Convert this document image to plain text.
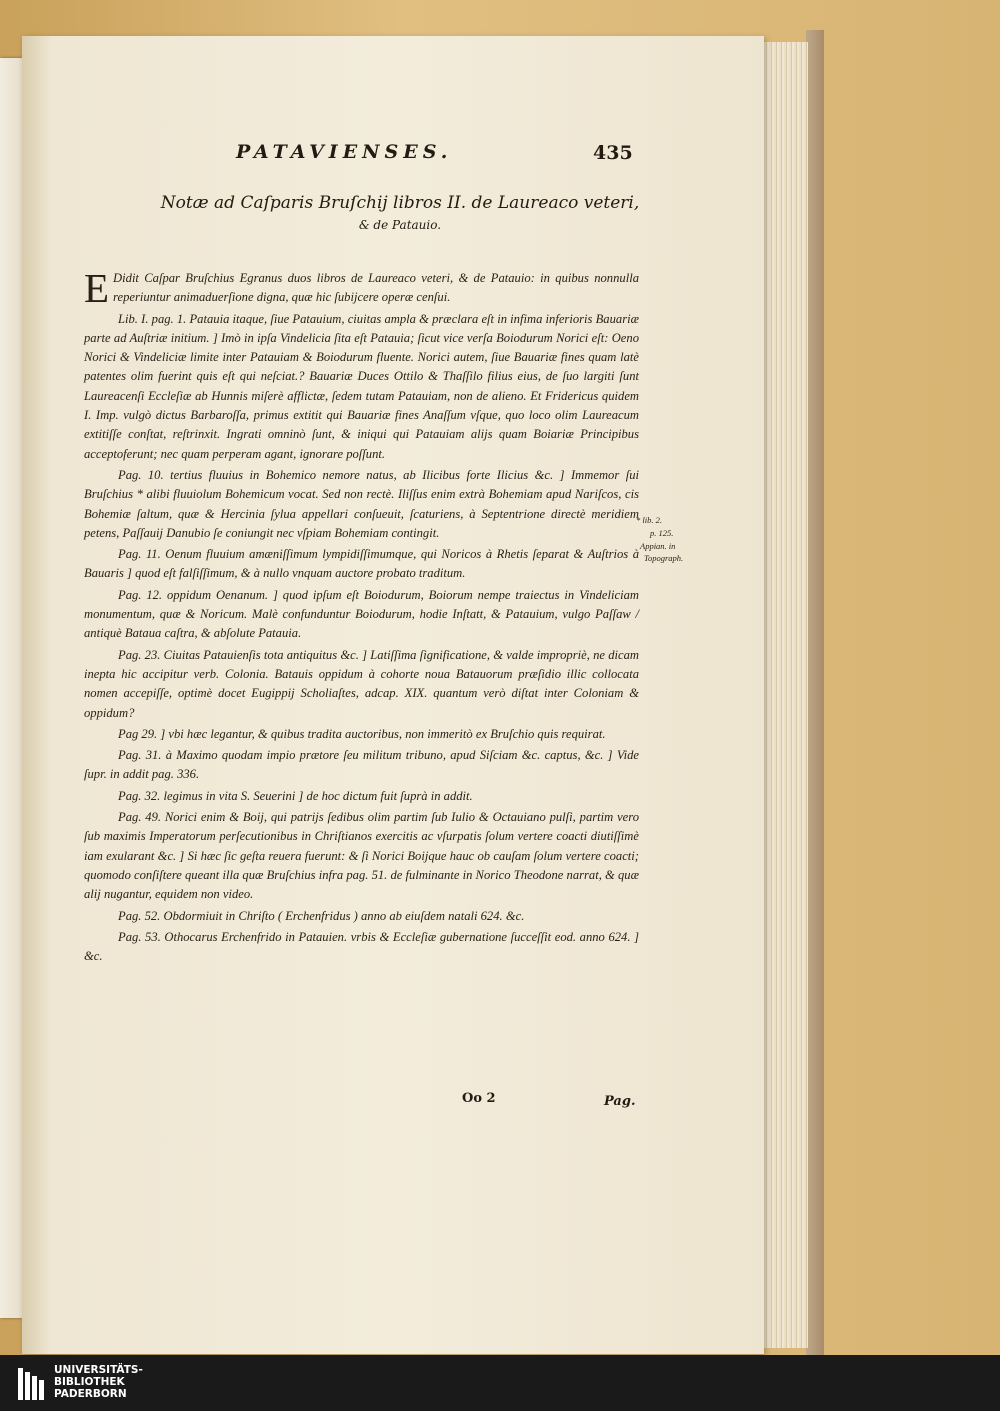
PATAVIENSES.	435
Notæ ad Caſparis Bruſchij libros II. de Laureaco veteri,
& de Patauio.

E Didit Caſpar Bruſchius Egranus duos libros de Laureaco veteri, & de Patauio: in quibus nonnulla reperiuntur animaduerſione digna, quæ hic ſubijcere operæ cenſui.

Lib. I. pag. 1. Patauia itaque, ſiue Patauium, ciuitas ampla & præclara eſt in infima inferioris Bauariæ parte ad Auſtriæ initium. ] Imò in ipſa Vindelicia ſita eſt Patauia; ſicut vice verſa Boiodurum Norici eſt: Oeno Norici & Vindeliciæ limite inter Patauiam & Boiodurum fluente. Norici autem, ſiue Bauariæ fines quam latè patentes olim fuerint quis eſt qui neſciat.? Bauariæ Duces Ottilo & Thaſſilo filius eius, de ſuo largiti ſunt Laureacenſi Eccleſiæ ab Hunnis miſerè afflictæ, ſedem tutam Patauiam, non de alieno. Et Fridericus quidem I. Imp. vulgò dictus Barbaroſſa, primus extitit qui Bauariæ fines Anaſſum vſque, quo loco olim Laureacum extitiſſe conſtat, reſtrinxit. Ingrati omninò ſunt, & iniqui qui Patauiam alijs quam Boiariæ Principibus acceptoferunt; nec quam perperam agant, ignorare poſſunt.

Pag. 10. tertius fluuius in Bohemico nemore natus, ab Ilicibus forte Ilicius &c. ] Immemor ſui Bruſchius * alibi fluuiolum Bohemicum vocat. Sed non rectè. Iliſſus enim extrà Bohemiam apud Nariſcos, cis Bohemiæ ſaltum, quæ & Hercinia ſylua appellari conſueuit, ſcaturiens, à Septentrione directè meridiem petens, Paſſauij Danubio ſe coniungit nec vſpiam Bohemiam contingit.

Pag. 11. Oenum fluuium amæniſſimum lympidiſſimumque, qui Noricos à Rhetis ſeparat & Auſtrios à Bauaris ] quod eſt falſiſſimum, & à nullo vnquam auctore probato traditum.

Pag. 12. oppidum Oenanum. ] quod ipſum eſt Boiodurum, Boiorum nempe traiectus in Vindeliciam monumentum, quæ & Noricum. Malè confunduntur Boiodurum, hodie Inſtatt, & Patauium, vulgo Paſſaw / antiquè Bataua caſtra, & abſolute Patauia.

Pag. 23. Ciuitas Patauienſis tota antiquitus &c. ] Latiſſima ſignificatione, & valde impropriè, ne dicam inepta hic accipitur verb. Colonia. Batauis oppidum à cohorte noua Batauorum præſidio illic collocata nomen accepiſſe, optimè docet Eugippij Scholiaſtes, adcap. XIX. quantum verò diſtat inter Coloniam & oppidum?

Pag 29. ] vbi hæc legantur, & quibus tradita auctoribus, non immeritò ex Bruſchio quis requirat.

Pag. 31. à Maximo quodam impio prætore ſeu militum tribuno, apud Siſciam &c. captus, &c. ] Vide ſupr. in addit pag. 336.

Pag. 32. legimus in vita S. Seuerini ] de hoc dictum fuit ſuprà in addit.

Pag. 49. Norici enim & Boij, qui patrijs ſedibus olim partim ſub Iulio & Octauiano pulſi, partim vero ſub maximis Imperatorum perſecutionibus in Chriſtianos exercitis ac vſurpatis ſolum vertere coacti diutiſſimè iam exularant &c. ] Si hæc ſic geſta reuera fuerunt: & ſi Norici Boijque hauc ob cauſam ſolum vertere coacti; quomodo conſiſtere queant illa quæ Bruſchius infra pag. 51. de fulminante in Norico Theodone narrat, & quæ alij nugantur, equidem non video.

Pag. 52. Obdormiuit in Chriſto ( Erchenfridus ) anno ab eiuſdem natali 624. &c.

Pag. 53. Othocarus Erchenfrido in Patauien. vrbis & Eccleſiæ gubernatione ſucceſſit eod. anno 624. ] &c.

* lib. 2.
p. 125.
Appian. in
Topograph.
Oo 2	Pag.
UNIVERSITÄTS-
BIBLIOTHEK
PADERBORN
